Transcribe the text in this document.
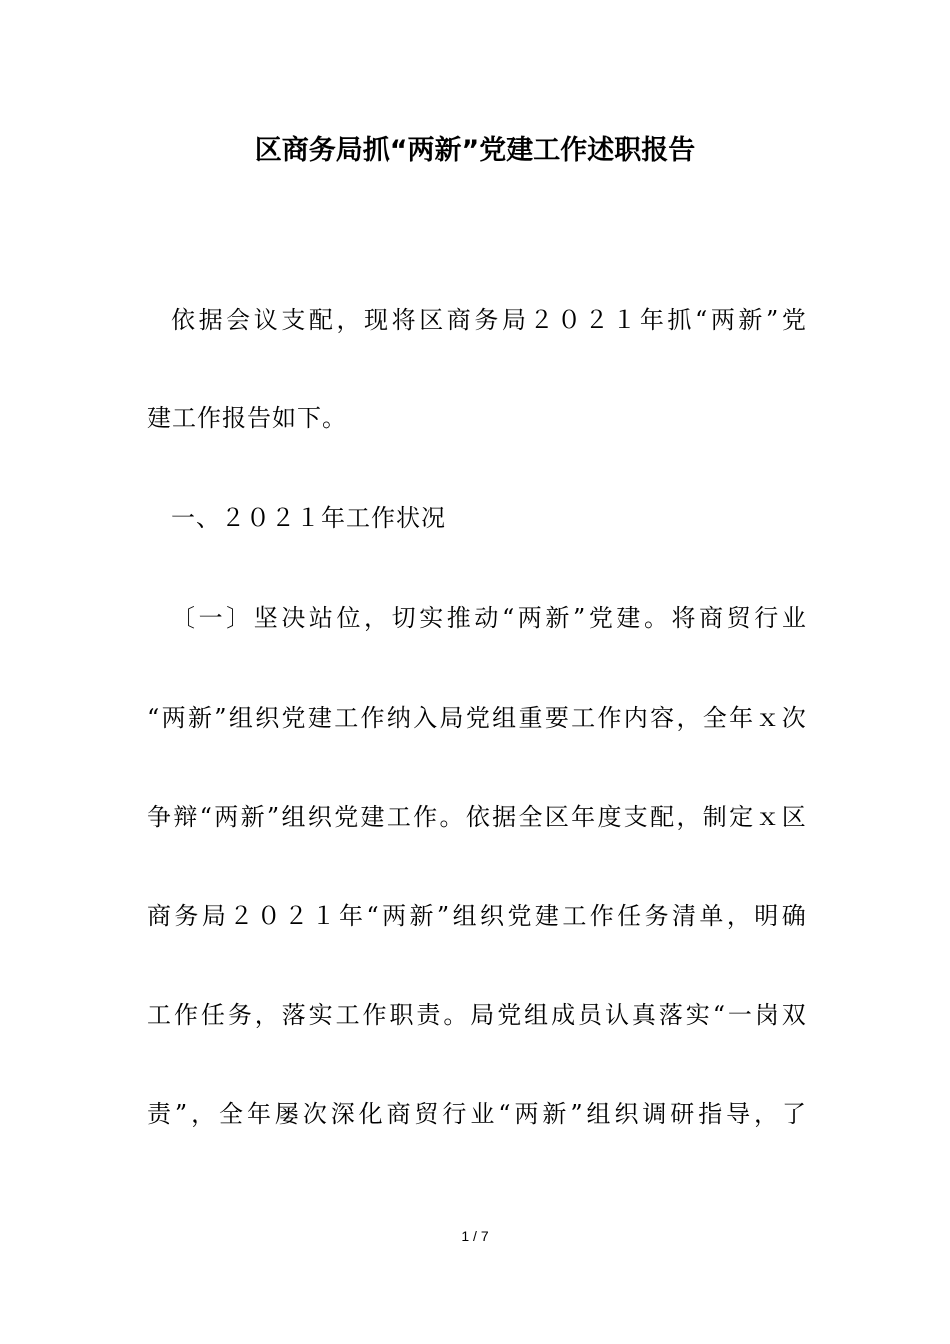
区商务局抓“两新”党建工作述职报告
依 据 会 议 支 配 ， 现 将 区 商 务 局 ２ ０ ２ １ 年 抓 “ 两 新 ” 党
建工作报告如下。
一、２０２１年工作状况
〔 一 〕 坚 决 站 位 ， 切 实 推 动 “ 两 新 ” 党 建 。 将 商 贸 行 业
“ 两 新 ” 组 织 党 建 工 作 纳 入 局 党 组 重 要 工 作 内 容 ， 全 年 ｘ 次
争 辩 “ 两 新 ” 组 织 党 建 工 作 。 依 据 全 区 年 度 支 配 ， 制 定 ｘ 区
商 务 局 ２ ０ ２ １ 年 “ 两 新 ” 组 织 党 建 工 作 任 务 清 单 ， 明 确
工 作 任 务 ， 落 实 工 作 职 责 。 局 党 组 成 员 认 真 落 实 “ 一 岗 双
责 ” ， 全 年 屡 次 深 化 商 贸 行 业 “ 两 新 ” 组 织 调 研 指 导 ， 了
1 / 7
